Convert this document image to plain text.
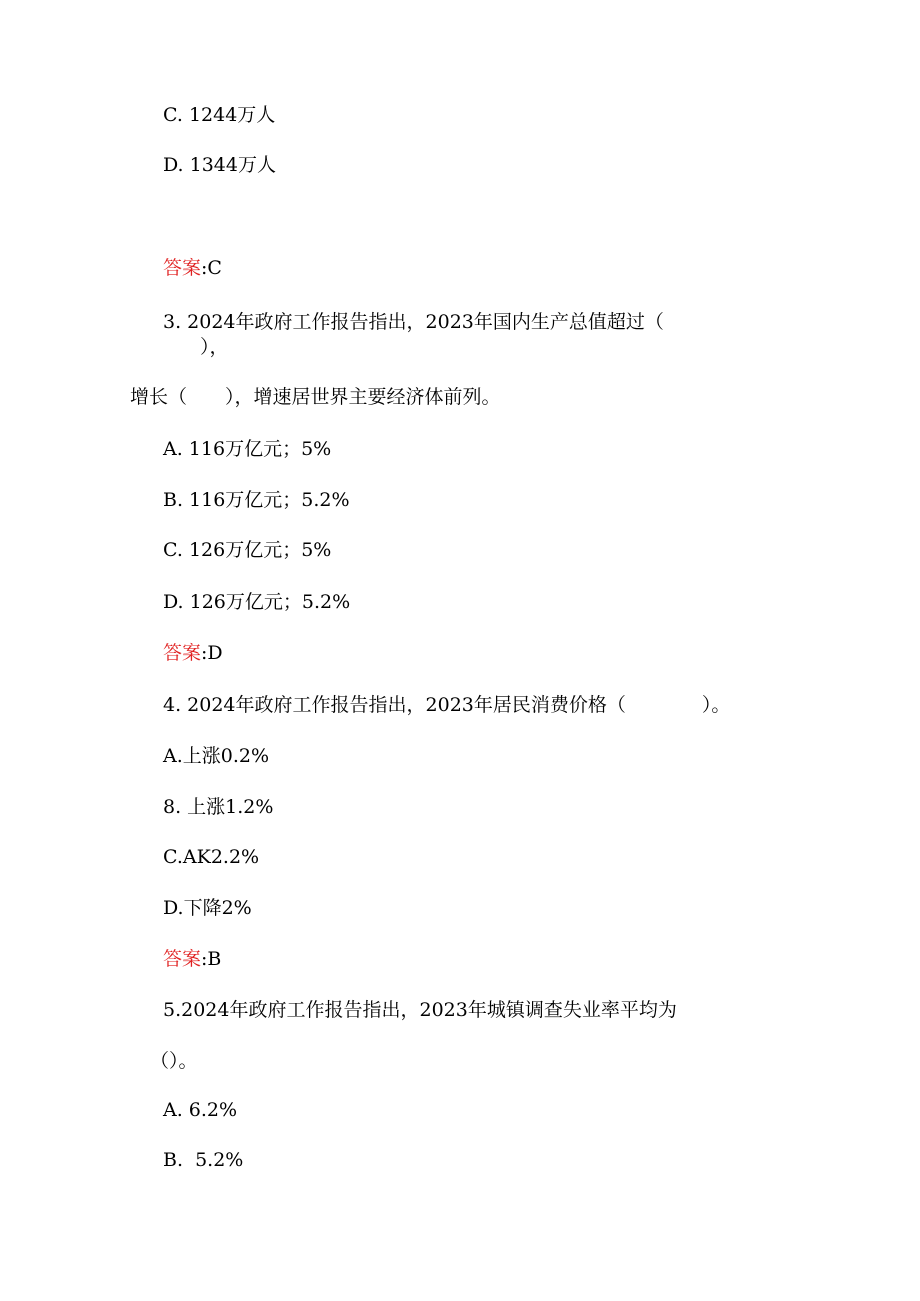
C. 1244万人
D. 1344万人
答案:C
3. 2024年政府工作报告指出，2023年国内生产总值超过（
），
增长（　　），增速居世界主要经济体前列。
A. 116万亿元；5%
B. 116万亿元；5.2%
C. 126万亿元；5%
D. 126万亿元；5.2%
答案:D
4. 2024年政府工作报告指出，2023年居民消费价格（　　　　）。
A.上涨0.2%
8. 上涨1.2%
C.AK2.2%
D.下降2%
答案:B
5.2024年政府工作报告指出，2023年城镇调查失业率平均为
（）。
A. 6.2%
B.  5.2%
